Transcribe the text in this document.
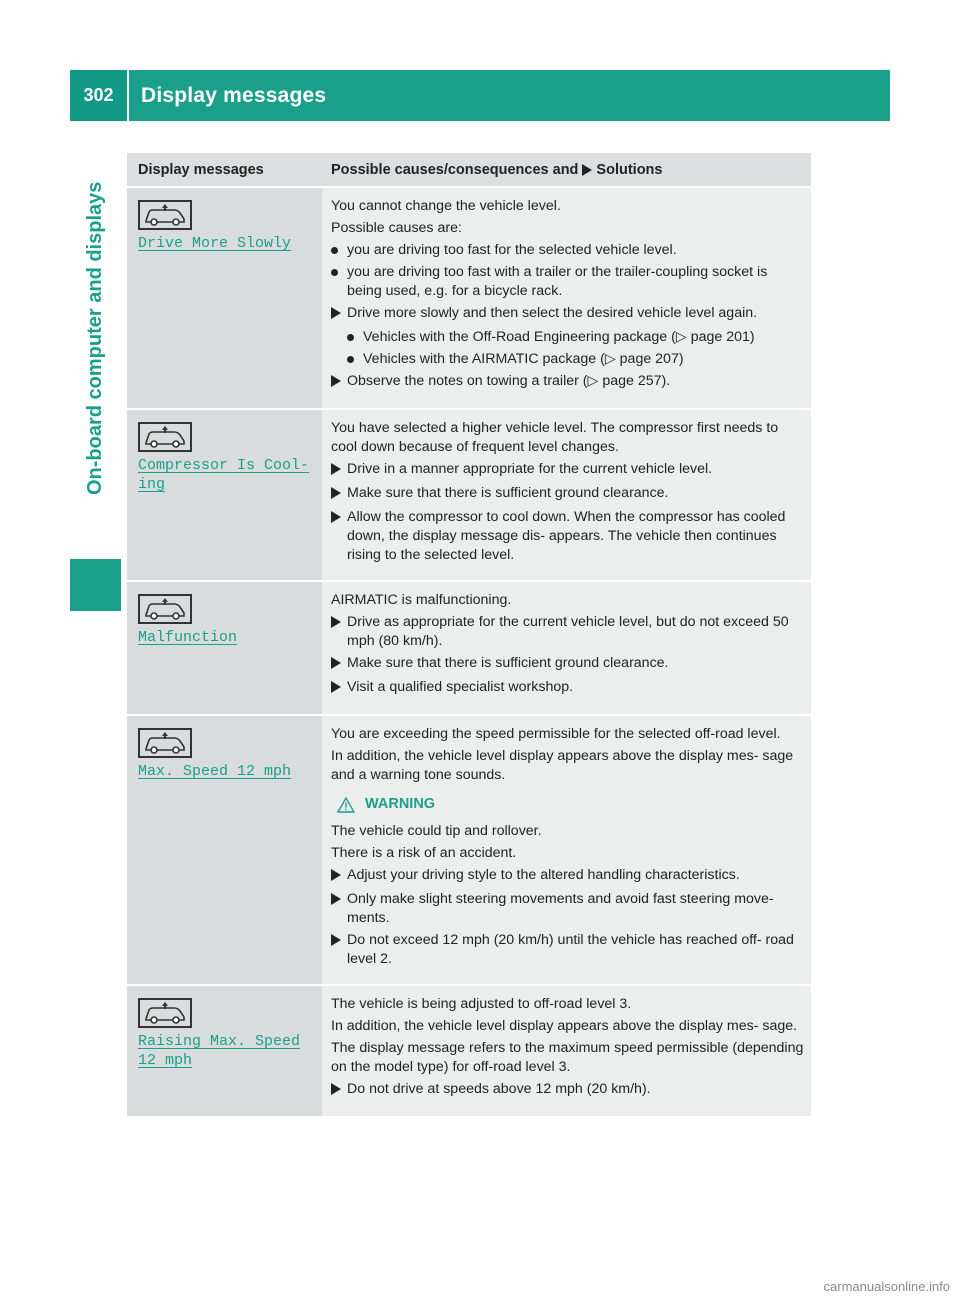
302	Display messages
On-board computer and displays
Display messages	Possible causes/consequences and Solutions
Drive More Slowly
You cannot change the vehicle level.
Possible causes are:
you are driving too fast for the selected vehicle level.
you are driving too fast with a trailer or the trailer-coupling socket is being used, e.g. for a bicycle rack.
Drive more slowly and then select the desired vehicle level again.
Vehicles with the Off-Road Engineering package (▷ page 201)
Vehicles with the AIRMATIC package (▷ page 207)
Observe the notes on towing a trailer (▷ page 257).
Compressor Is Cool‑ ing
You have selected a higher vehicle level. The compressor first needs to cool down because of frequent level changes.
Drive in a manner appropriate for the current vehicle level.
Make sure that there is sufficient ground clearance.
Allow the compressor to cool down. When the compressor has cooled down, the display message dis- appears. The vehicle then continues rising to the selected level.
Malfunction
AIRMATIC is malfunctioning.
Drive as appropriate for the current vehicle level, but do not exceed 50 mph (80 km/h).
Make sure that there is sufficient ground clearance.
Visit a qualified specialist workshop.
Max. Speed 12 mph
You are exceeding the speed permissible for the selected off-road level.
In addition, the vehicle level display appears above the display mes- sage and a warning tone sounds.
WARNING
The vehicle could tip and rollover.
There is a risk of an accident.
Adjust your driving style to the altered handling characteristics.
Only make slight steering movements and avoid fast steering move- ments.
Do not exceed 12 mph (20 km/h) until the vehicle has reached off- road level 2.
Raising Max. Speed 12 mph
The vehicle is being adjusted to off-road level 3.
In addition, the vehicle level display appears above the display mes- sage.
The display message refers to the maximum speed permissible (depending on the model type) for off-road level 3.
Do not drive at speeds above 12 mph (20 km/h).
carmanualsonline.info
